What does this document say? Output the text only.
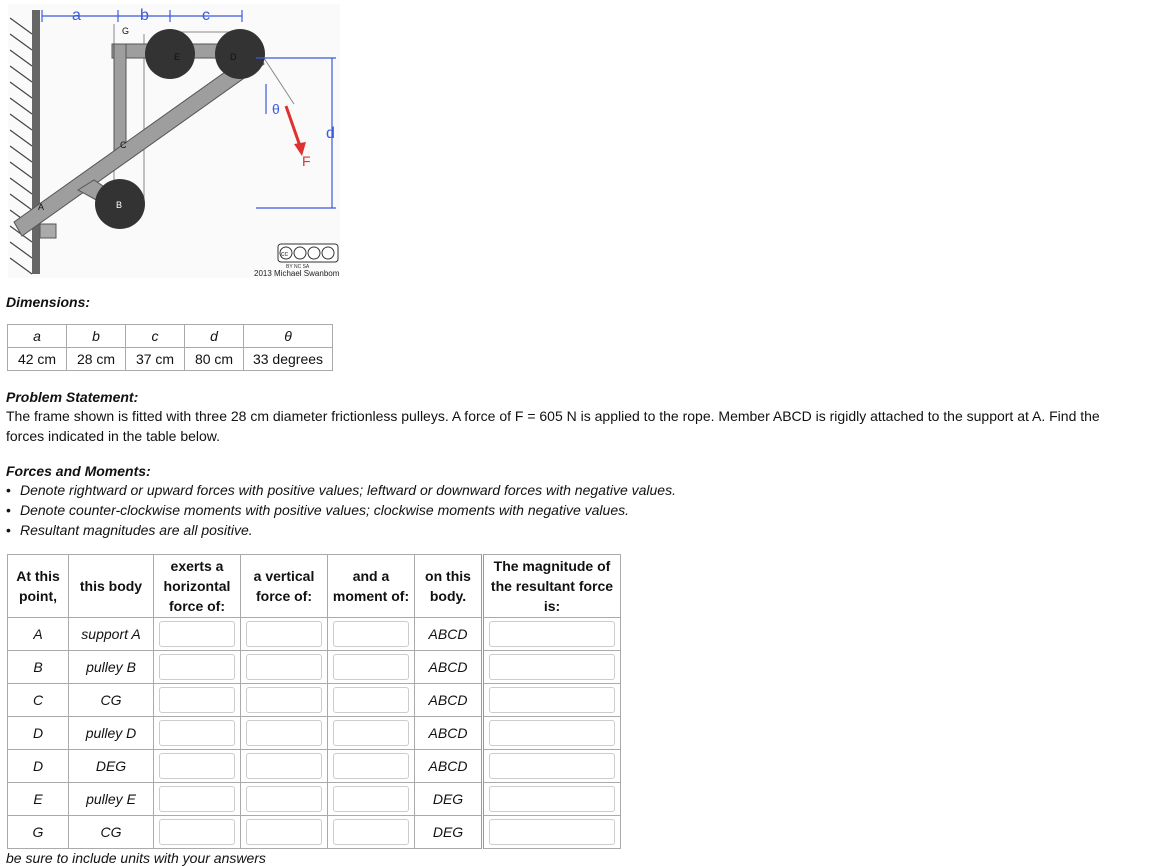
A	B
C
D
E
G
a	b	c
d
θ
F
cc
BY NC SA
2013 Michael Swanbom

Dimensions:

a	b	c	d	θ
42 cm	28 cm	37 cm	80 cm	33 degrees

Problem Statement:

The frame shown is fitted with three 28 cm diameter frictionless pulleys. A force of F = 605 N is applied to the rope. Member ABCD is rigidly attached to the support at A. Find the forces indicated in the table below.

Forces and Moments:

• Denote rightward or upward forces with positive values; leftward or downward forces with negative values.
• Denote counter-clockwise moments with positive values; clockwise moments with negative values.
• Resultant magnitudes are all positive.
At this point,	this body	exerts a horizontal force of:	a vertical force of:	and a moment of:	on this body.	The magnitude of the resultant force is:
A	support A				ABCD	
B	pulley B				ABCD	
C	CG				ABCD	
D	pulley D				ABCD	
D	DEG				ABCD	
E	pulley E				DEG	
G	CG				DEG	

be sure to include units with your answers
